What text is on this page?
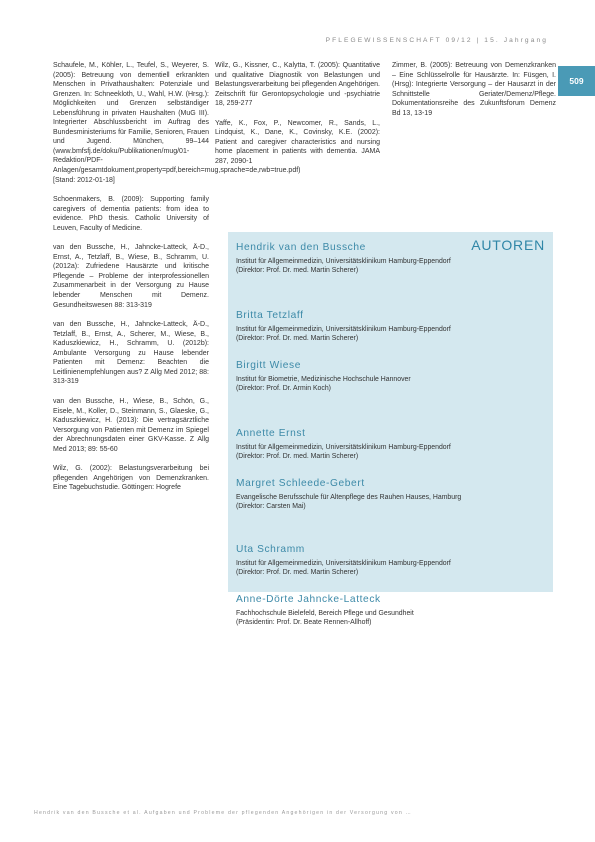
PFLEGEWISSENSCHAFT 09/12 | 15. Jahrgang
509

Schaufele, M., Köhler, L., Teufel, S., Weyerer, S. (2005): Betreuung von dementiell erkrankten Menschen in Privathaushalten: Potenziale und Grenzen. In: Schneekloth, U., Wahl, H.W. (Hrsg.): Möglichkeiten und Grenzen selbständiger Lebensführung in privaten Haushalten (MuG III). Integrierter Abschlussbericht im Auftrag des Bundesministeriums für Familie, Senioren, Frauen und Jugend. München, 99–144 (www.bmfsfj.de/doku/Publikationen/mug/01-Redaktion/PDF-Anlagen/gesamtdokument,property=pdf,bereich=mug,sprache=de,rwb=true.pdf) [Stand: 2012-01-18]

Schoenmakers, B. (2009): Supporting family caregivers of dementia patients: from idea to evidence. PhD thesis. Catholic University of Leuven, Faculty of Medicine.

van den Bussche, H., Jahncke-Latteck, Ä-D., Ernst, A., Tetzlaff, B., Wiese, B., Schramm, U. (2012a): Zufriedene Hausärzte und kritische Pflegende – Probleme der interprofessionellen Zusammenarbeit in der Versorgung zu Hause lebender Menschen mit Demenz. Gesundheitswesen 88: 313-319

van den Bussche, H., Jahncke-Latteck, Ä-D., Tetzlaff, B., Ernst, A., Scherer, M., Wiese, B., Kaduszkiewicz, H., Schramm, U. (2012b): Ambulante Versorgung zu Hause lebender Patienten mit Demenz: Beachten die Leitlinienempfehlungen aus? Z Allg Med 2012; 88: 313-319

van den Bussche, H., Wiese, B., Schön, G., Eisele, M., Koller, D., Steinmann, S., Glaeske, G., Kaduszkiewicz, H. (2013): Die vertragsärztliche Versorgung von Patienten mit Demenz im Spiegel der Abrechnungsdaten einer GKV-Kasse. Z Allg Med 2013; 89: 55-60

Wilz, G. (2002): Belastungsverarbeitung bei pflegenden Angehörigen von Demenzkranken. Eine Tagebuchstudie. Göttingen: Hogrefe

Wilz, G., Kissner, C., Kalytta, T. (2005): Quantitative und qualitative Diagnostik von Belastungen und Belastungsverarbeitung bei pflegenden Angehörigen. Zeitschrift für Gerontopsychologie und -psychiatrie 18, 259-277

Yaffe, K., Fox, P., Newcomer, R., Sands, L., Lindquist, K., Dane, K., Covinsky, K.E. (2002): Patient and caregiver characteristics and nursing home placement in patients with dementia. JAMA 287, 2090-1

Zimmer, B. (2005): Betreuung von Demenzkranken – Eine Schlüsselrolle für Hausärzte. In: Füsgen, I. (Hrsg): Integrierte Versorgung – der Hausarzt in der Schnittstelle Geriater/Demenz/Pflege. Dokumentationsreihe des Zukunftsforum Demenz Bd 13, 13-19

AUTOREN
Hendrik van den Bussche
Institut für Allgemeinmedizin, Universitätsklinikum Hamburg-Eppendorf
(Direktor: Prof. Dr. med. Martin Scherer)
Britta Tetzlaff
Institut für Allgemeinmedizin, Universitätsklinikum Hamburg-Eppendorf
(Direktor: Prof. Dr. med. Martin Scherer)
Birgitt Wiese
Institut für Biometrie, Medizinische Hochschule Hannover
(Direktor: Prof. Dr. Armin Koch)
Annette Ernst
Institut für Allgemeinmedizin, Universitätsklinikum Hamburg-Eppendorf
(Direktor: Prof. Dr. med. Martin Scherer)
Margret Schleede-Gebert
Evangelische Berufsschule für Altenpflege des Rauhen Hauses, Hamburg
(Direktor: Carsten Mai)
Uta Schramm
Institut für Allgemeinmedizin, Universitätsklinikum Hamburg-Eppendorf
(Direktor: Prof. Dr. med. Martin Scherer)
Anne-Dörte Jahncke-Latteck
Fachhochschule Bielefeld, Bereich Pflege und Gesundheit
(Präsidentin: Prof. Dr. Beate Rennen-Allhoff)
Hendrik van den Bussche et al. Aufgaben und Probleme der pflegenden Angehörigen in der Versorgung von …
